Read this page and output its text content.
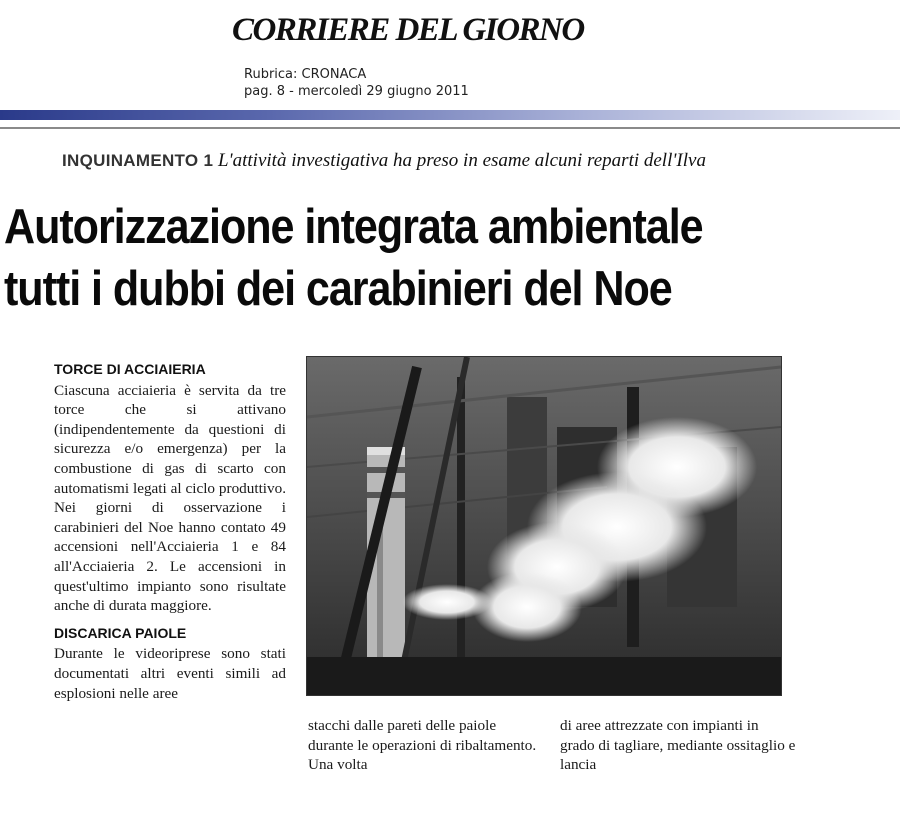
CORRIERE DEL GIORNO
Rubrica: CRONACA
pag. 8 - mercoledì 29 giugno 2011
INQUINAMENTO 1 L'attività investigativa ha preso in esame alcuni reparti dell'Ilva
Autorizzazione integrata ambientale
tutti i dubbi dei carabinieri del Noe
TORCE DI ACCIAIERIA

Ciascuna acciaieria è servita da tre torce che si attivano (indipendentemente da questioni di sicurezza e/o emergenza) per la combustione di gas di scarto con automatismi legati al ciclo produttivo. Nei giorni di osservazione i carabinieri del Noe hanno contato 49 accensioni nell'Acciaieria 1 e 84 all'Acciaieria 2. Le accensioni in quest'ultimo impianto sono risultate anche di durata maggiore.

DISCARICA PAIOLE

Durante le videoriprese sono stati documentati altri eventi simili ad esplosioni nelle aree

stacchi dalle pareti delle paiole durante le operazioni di ribaltamento. Una volta

di aree attrezzate con impianti in grado di tagliare, mediante ossitaglio e lancia
